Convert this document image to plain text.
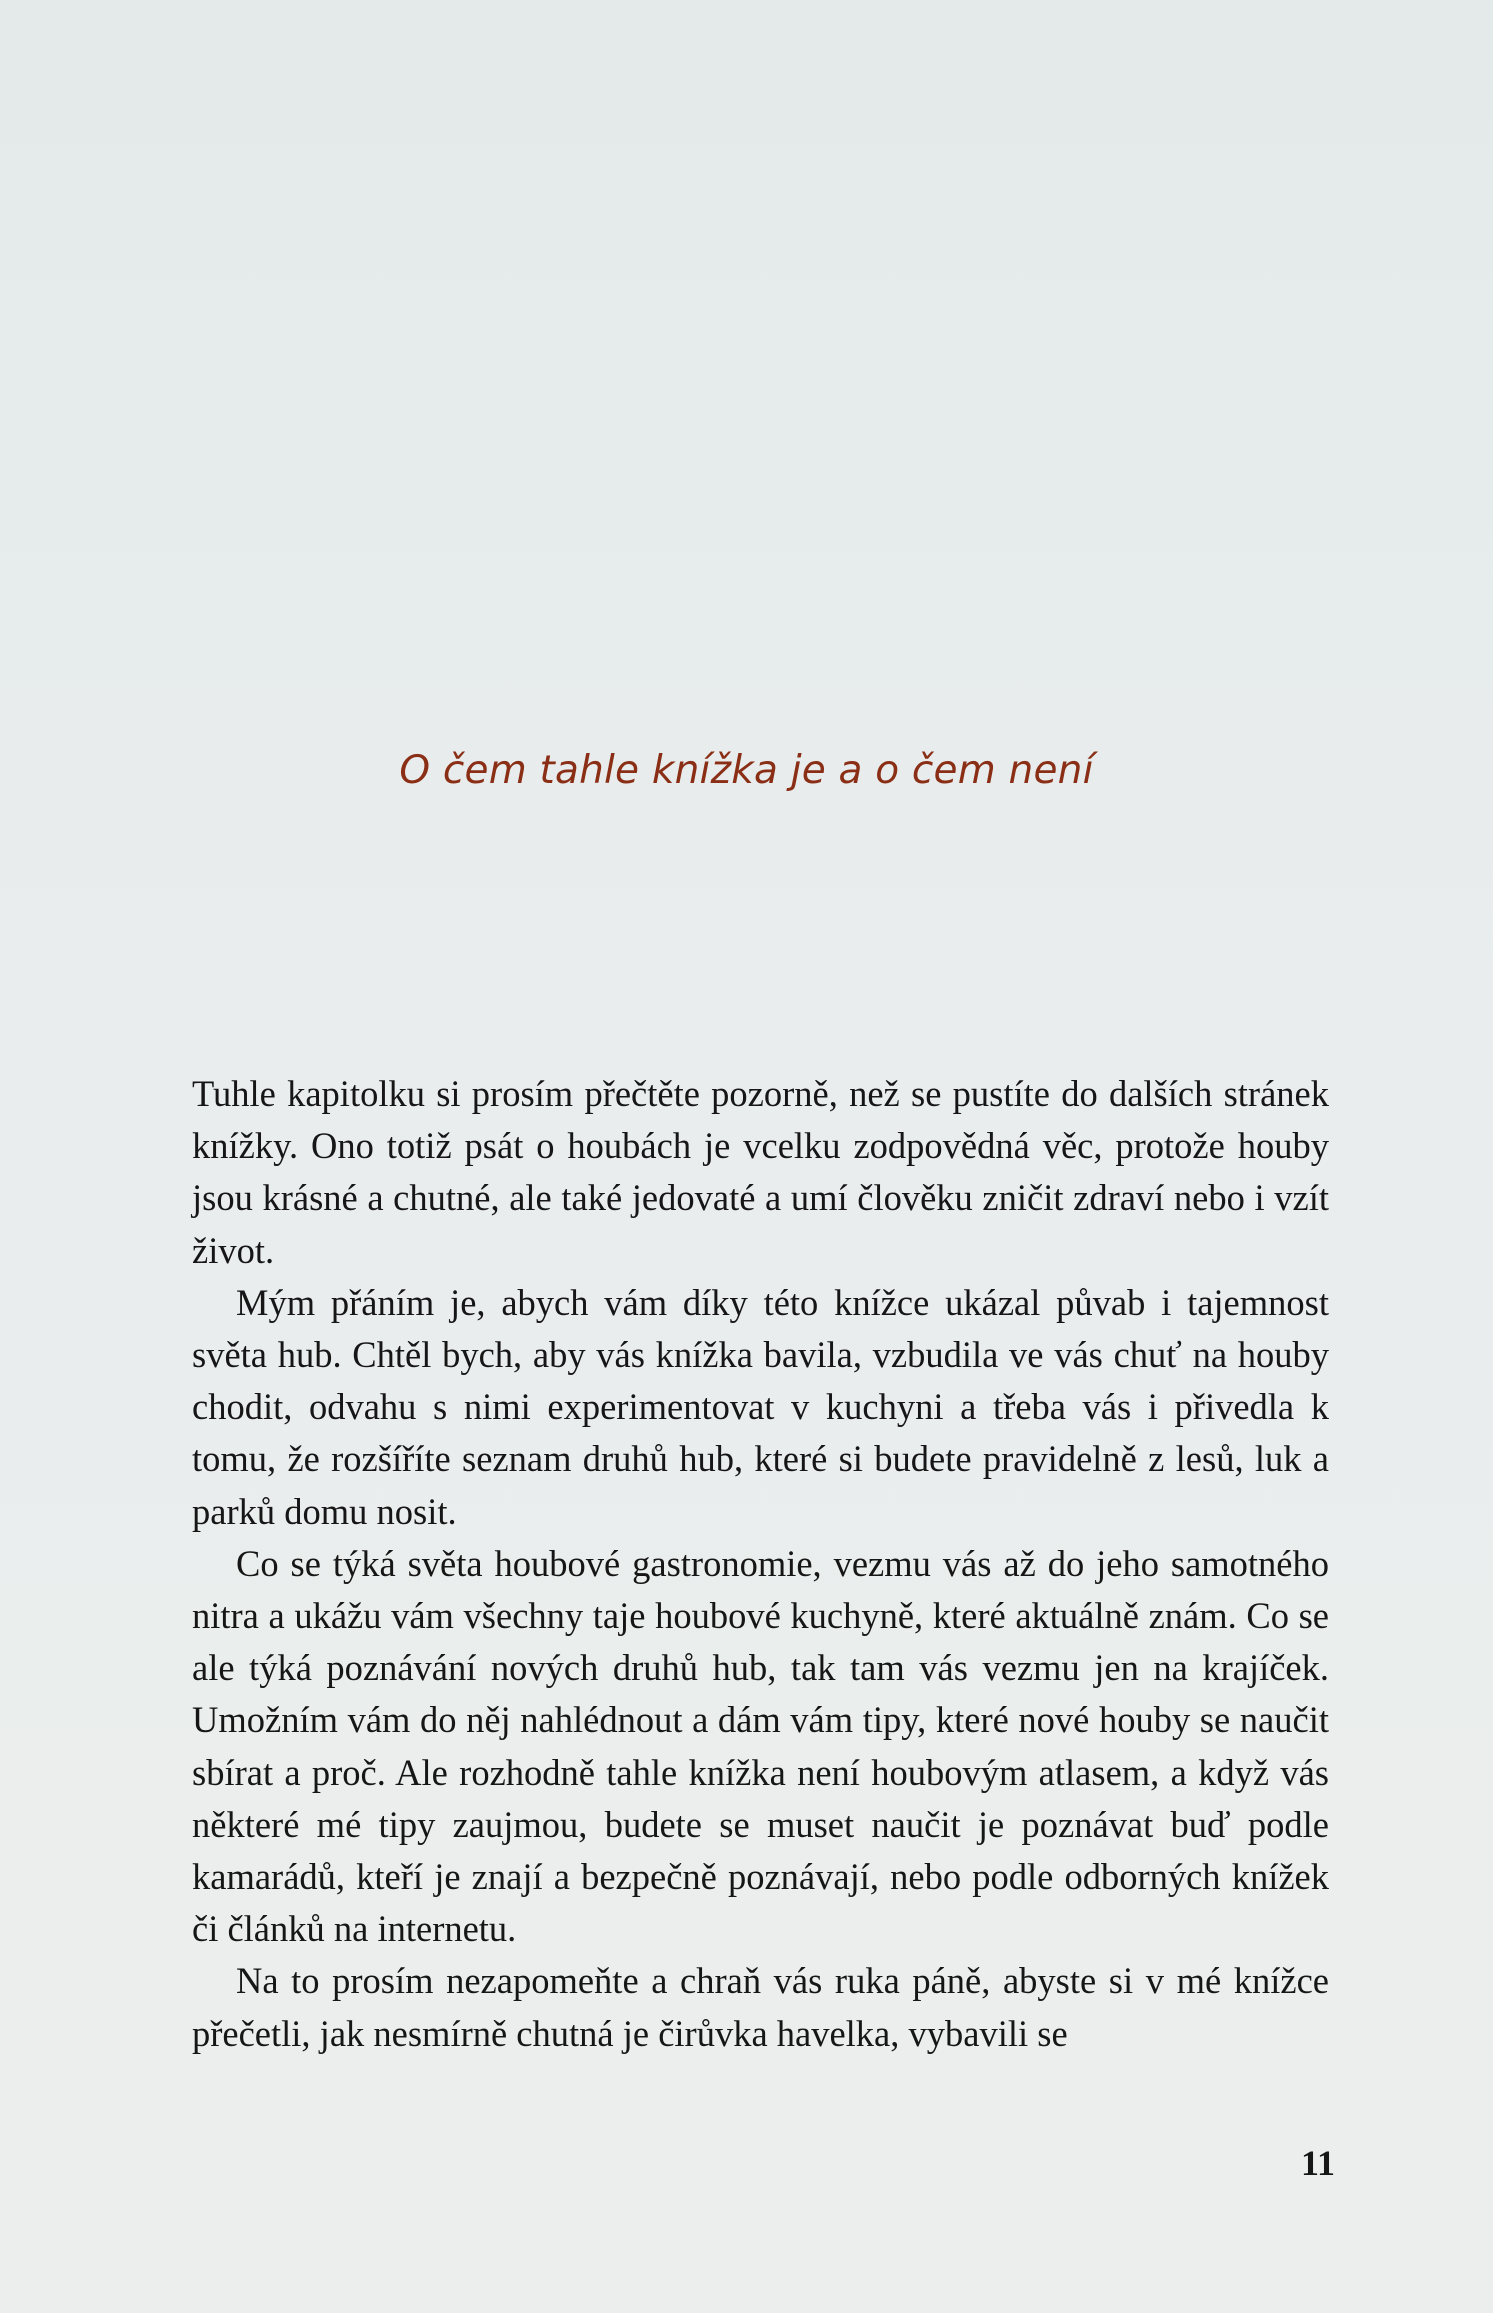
O čem tahle knížka je a o čem není

Tuhle kapitolku si prosím přečtěte pozorně, než se pustíte do dalších stránek knížky. Ono totiž psát o houbách je vcelku zodpovědná věc, protože houby jsou krásné a chutné, ale také jedovaté a umí člověku zničit zdraví nebo i vzít život.

Mým přáním je, abych vám díky této knížce ukázal půvab i tajemnost světa hub. Chtěl bych, aby vás knížka bavila, vzbudila ve vás chuť na houby chodit, odvahu s nimi experimentovat v kuchyni a třeba vás i přivedla k tomu, že rozšíříte seznam druhů hub, které si budete pravidelně z lesů, luk a parků domu nosit.

Co se týká světa houbové gastronomie, vezmu vás až do jeho samotného nitra a ukážu vám všechny taje houbové kuchyně, které aktuálně znám. Co se ale týká poznávání nových druhů hub, tak tam vás vezmu jen na krajíček. Umožním vám do něj nahlédnout a dám vám tipy, které nové houby se naučit sbírat a proč. Ale rozhodně tahle knížka není houbovým atlasem, a když vás některé mé tipy zaujmou, budete se muset naučit je poznávat buď podle kamarádů, kteří je znají a bezpečně poznávají, nebo podle odborných knížek či článků na internetu.

Na to prosím nezapomeňte a chraň vás ruka páně, abyste si v mé knížce přečetli, jak nesmírně chutná je čirůvka havelka, vybavili se

11
